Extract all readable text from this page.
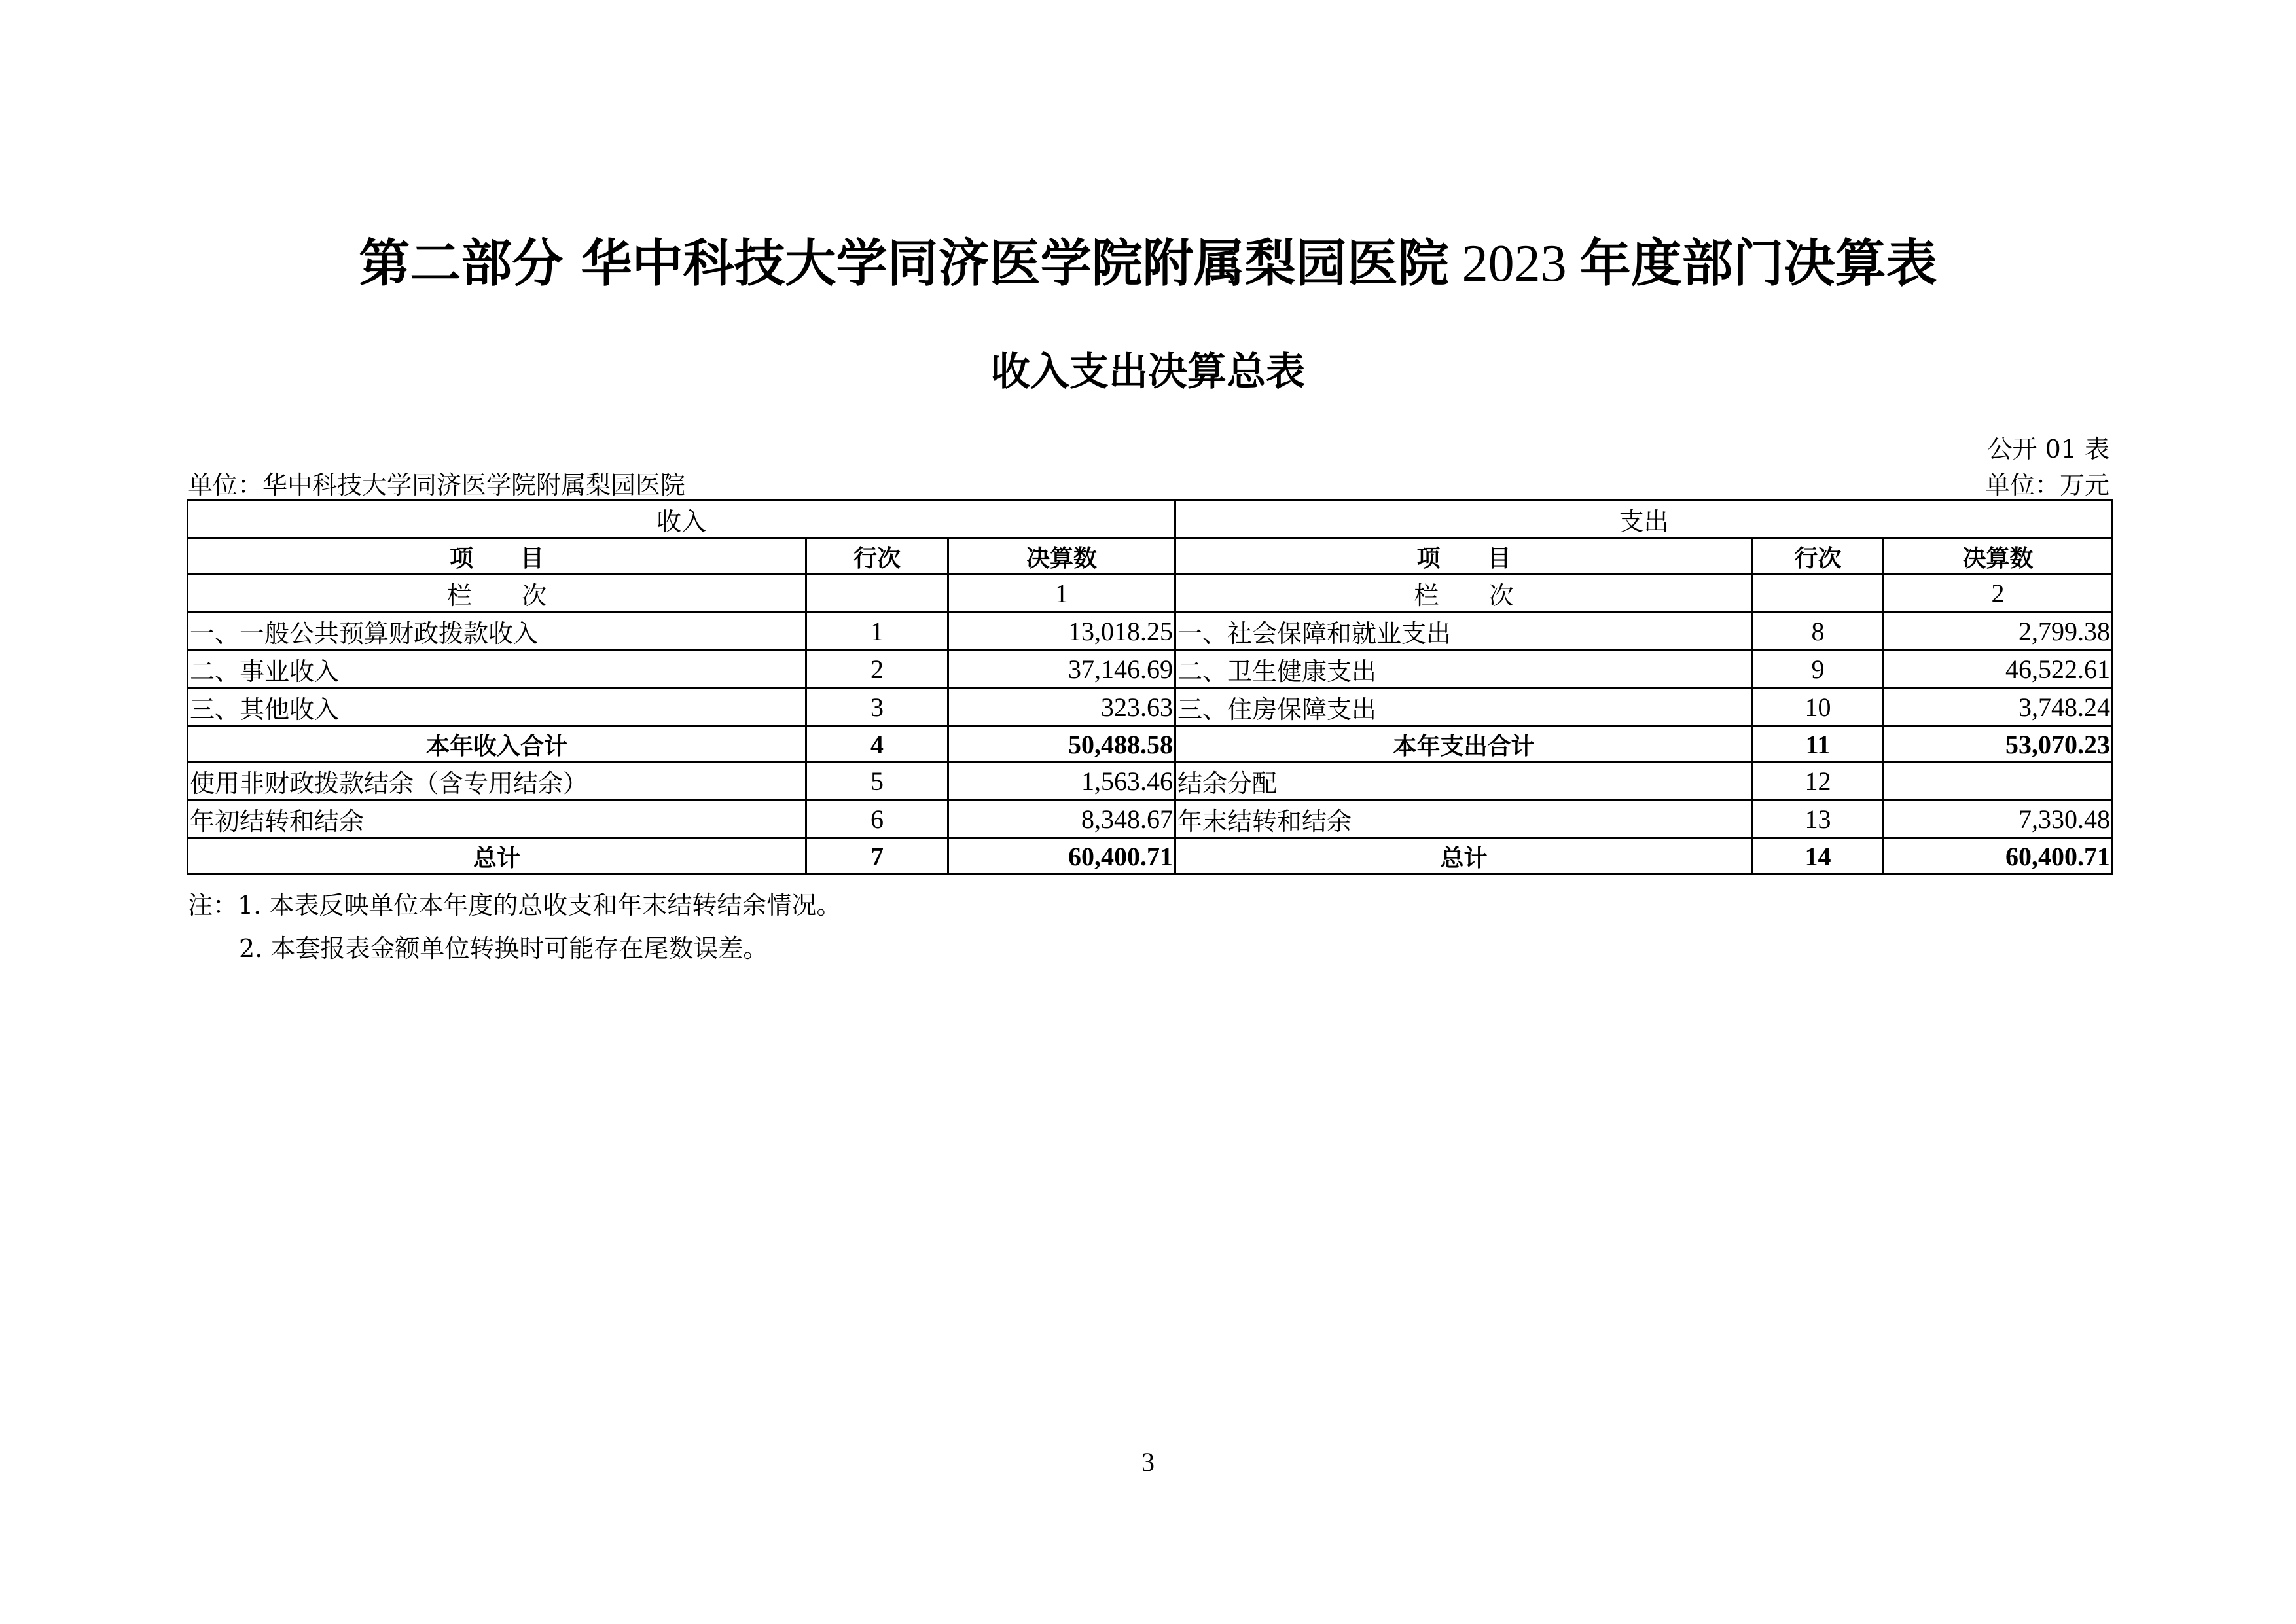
第二部分 华中科技大学同济医学院附属梨园医院 2023 年度部门决算表
收入支出决算总表
公开 01 表
单位：华中科技大学同济医学院附属梨园医院	单位：万元
收入			支出		
项　　目	行次	决算数	项　　目	行次	决算数
栏　　次		1	栏　　次		2
一、一般公共预算财政拨款收入	1	13,018.25	一、社会保障和就业支出	8	2,799.38
二、事业收入	2	37,146.69	二、卫生健康支出	9	46,522.61
三、其他收入	3	323.63	三、住房保障支出	10	3,748.24
本年收入合计	4	50,488.58	本年支出合计	11	53,070.23
使用非财政拨款结余（含专用结余）	5	1,563.46	结余分配	12	
年初结转和结余	6	8,348.67	年末结转和结余	13	7,330.48
总计	7	60,400.71	总计	14	60,400.71
注：1. 本表反映单位本年度的总收支和年末结转结余情况。
2. 本套报表金额单位转换时可能存在尾数误差。
3
